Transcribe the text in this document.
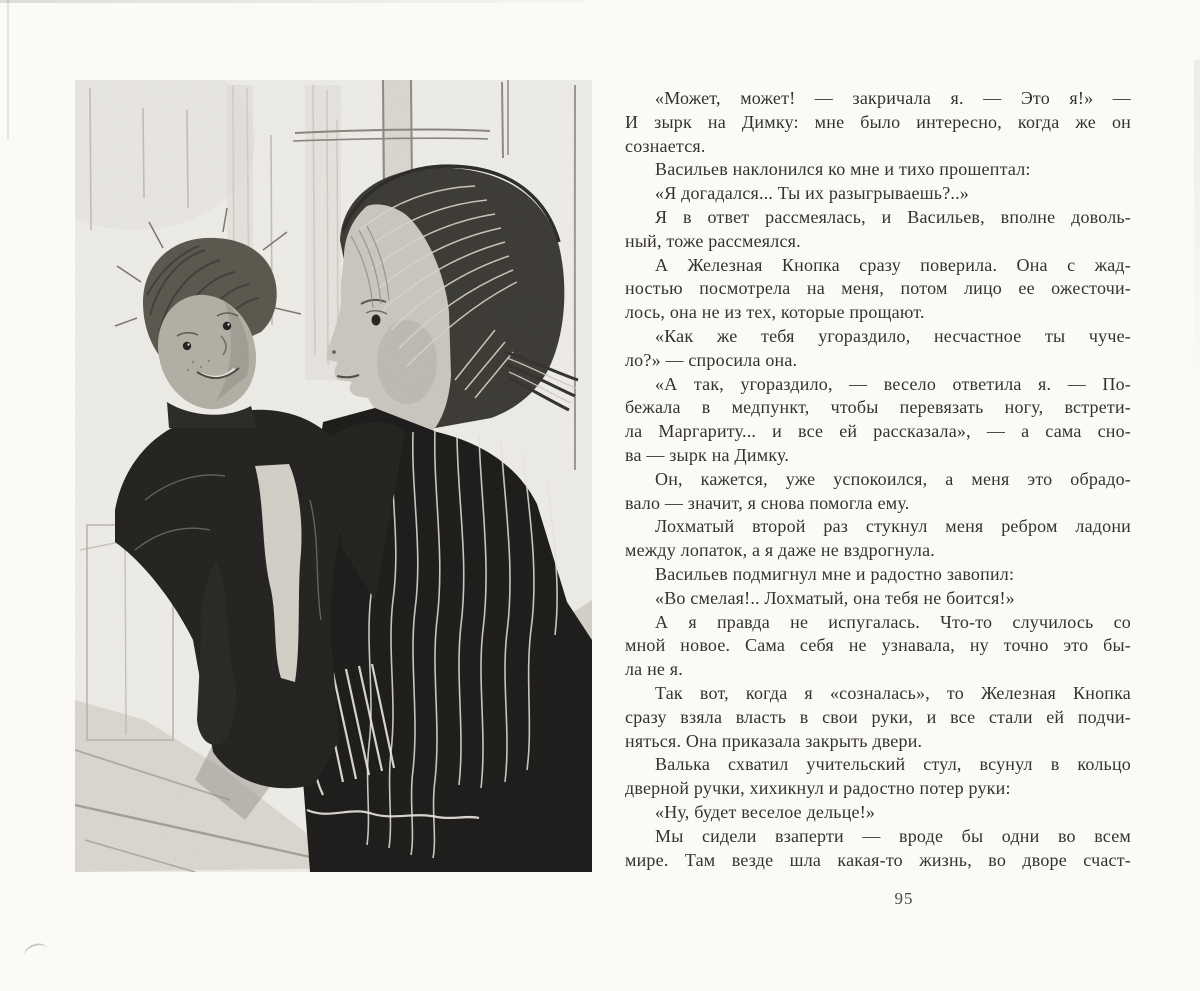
«Может, может! — закричала я. — Это я!» —
И зырк на Димку: мне было интересно, когда же он
сознается.
Васильев наклонился ко мне и тихо прошептал:
«Я догадался... Ты их разыгрываешь?..»
Я в ответ рассмеялась, и Васильев, вполне доволь-
ный, тоже рассмеялся.
А Железная Кнопка сразу поверила. Она с жад-
ностью посмотрела на меня, потом лицо ее ожесточи-
лось, она не из тех, которые прощают.
«Как же тебя угораздило, несчастное ты чуче-
ло?» — спросила она.
«А так, угораздило, — весело ответила я. — По-
бежала в медпункт, чтобы перевязать ногу, встрети-
ла Маргариту... и все ей рассказала», — а сама сно-
ва — зырк на Димку.
Он, кажется, уже успокоился, а меня это обрадо-
вало — значит, я снова помогла ему.
Лохматый второй раз стукнул меня ребром ладони
между лопаток, а я даже не вздрогнула.
Васильев подмигнул мне и радостно завопил:
«Во смелая!.. Лохматый, она тебя не боится!»
А я правда не испугалась. Что-то случилось со
мной новое. Сама себя не узнавала, ну точно это бы-
ла не я.
Так вот, когда я «созналась», то Железная Кнопка
сразу взяла власть в свои руки, и все стали ей подчи-
няться. Она приказала закрыть двери.
Валька схватил учительский стул, всунул в кольцо
дверной ручки, хихикнул и радостно потер руки:
«Ну, будет веселое дельце!»
Мы сидели взаперти — вроде бы одни во всем
мире. Там везде шла какая-то жизнь, во дворе счаст-
95
